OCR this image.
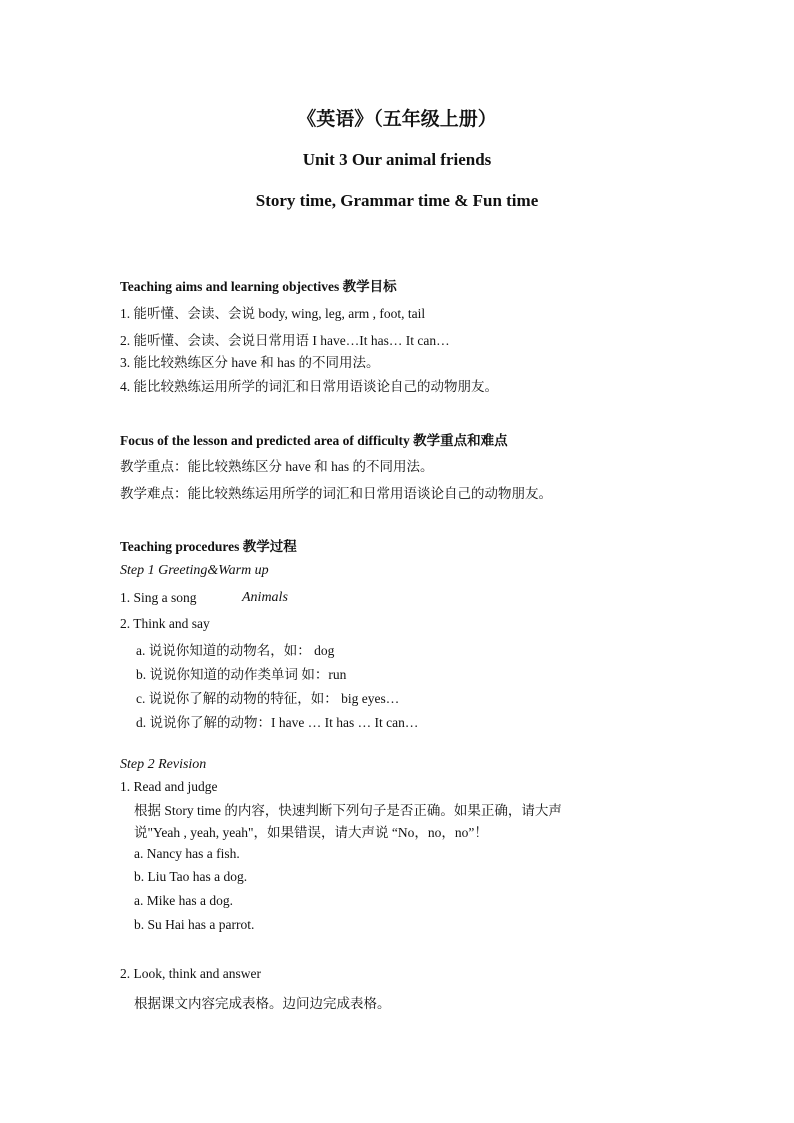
《英语》（五年级上册）
Unit 3 Our animal friends
Story time, Grammar time & Fun time
Teaching aims and learning objectives 教学目标
1. 能听懂、会读、会说 body, wing, leg, arm , foot, tail
2. 能听懂、会读、会说日常用语 I have…It has… It can…
3. 能比较熟练区分 have 和 has 的不同用法。
4. 能比较熟练运用所学的词汇和日常用语谈论自己的动物朋友。
Focus of the lesson and predicted area of difficulty 教学重点和难点
教学重点：能比较熟练区分 have 和 has 的不同用法。
教学难点：能比较熟练运用所学的词汇和日常用语谈论自己的动物朋友。
Teaching procedures 教学过程
Step 1 Greeting&Warm up
1. Sing a song	Animals
2. Think and say
a. 说说你知道的动物名，如： dog
b. 说说你知道的动作类单词 如：run
c. 说说你了解的动物的特征，如： big eyes…
d. 说说你了解的动物：I have … It has … It can…
Step 2 Revision
1. Read and judge
根据 Story time 的内容，快速判断下列句子是否正确。如果正确，请大声
说"Yeah , yeah, yeah"，如果错误，请大声说 “No，no，no”！
a. Nancy has a fish.
b. Liu Tao has a dog.
a. Mike has a dog.
b. Su Hai has a parrot.
2. Look, think and answer
根据课文内容完成表格。边问边完成表格。
